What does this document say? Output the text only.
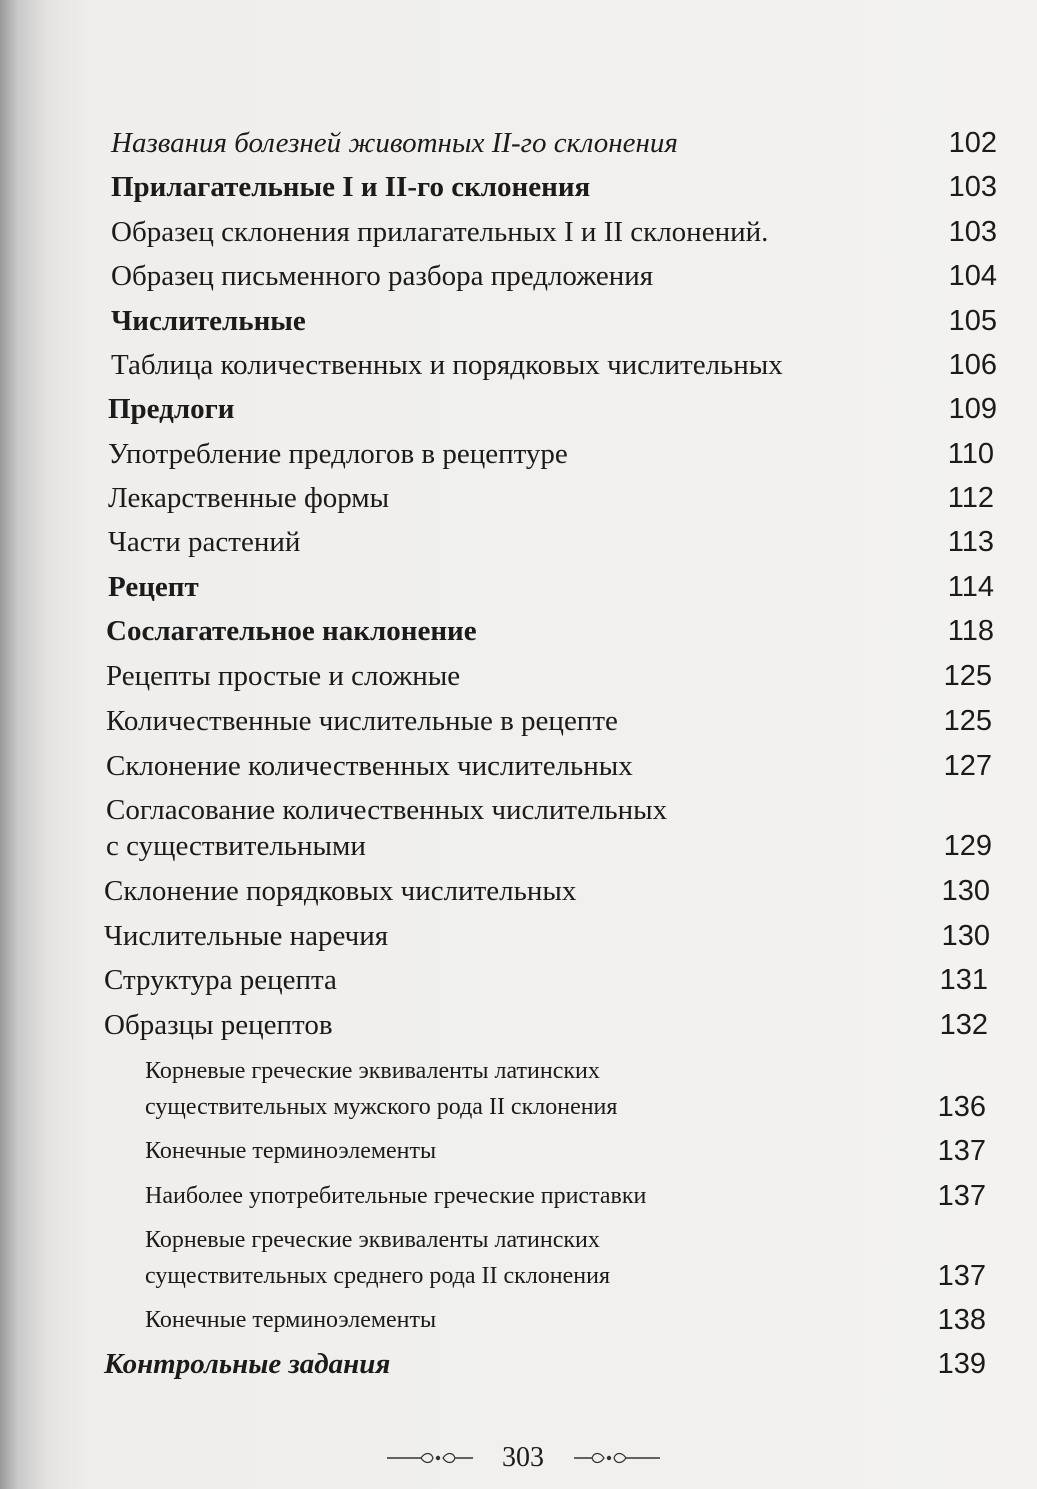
Названия болезней животных II-го склонения	102
Прилагательные I и II-го склонения	103
Образец склонения прилагательных I и II склонений.	103
Образец письменного разбора предложения	104
Числительные	105
Таблица количественных и порядковых числительных	106
Предлоги	109
Употребление предлогов в рецептуре	110
Лекарственные формы	112
Части растений	113
Рецепт	114
Сослагательное наклонение	118
Рецепты простые и сложные	125
Количественные числительные в рецепте	125
Склонение количественных числительных	127
Согласование количественных числительных
с существительными	129
Склонение порядковых числительных	130
Числительные наречия	130
Структура рецепта	131
Образцы рецептов	132
Корневые греческие эквиваленты латинских
существительных мужского рода II склонения	136
Конечные терминоэлементы	137
Наиболее употребительные греческие приставки	137
Корневые греческие эквиваленты латинских
существительных среднего рода II склонения	137
Конечные терминоэлементы	138
Контрольные задания	139
303
